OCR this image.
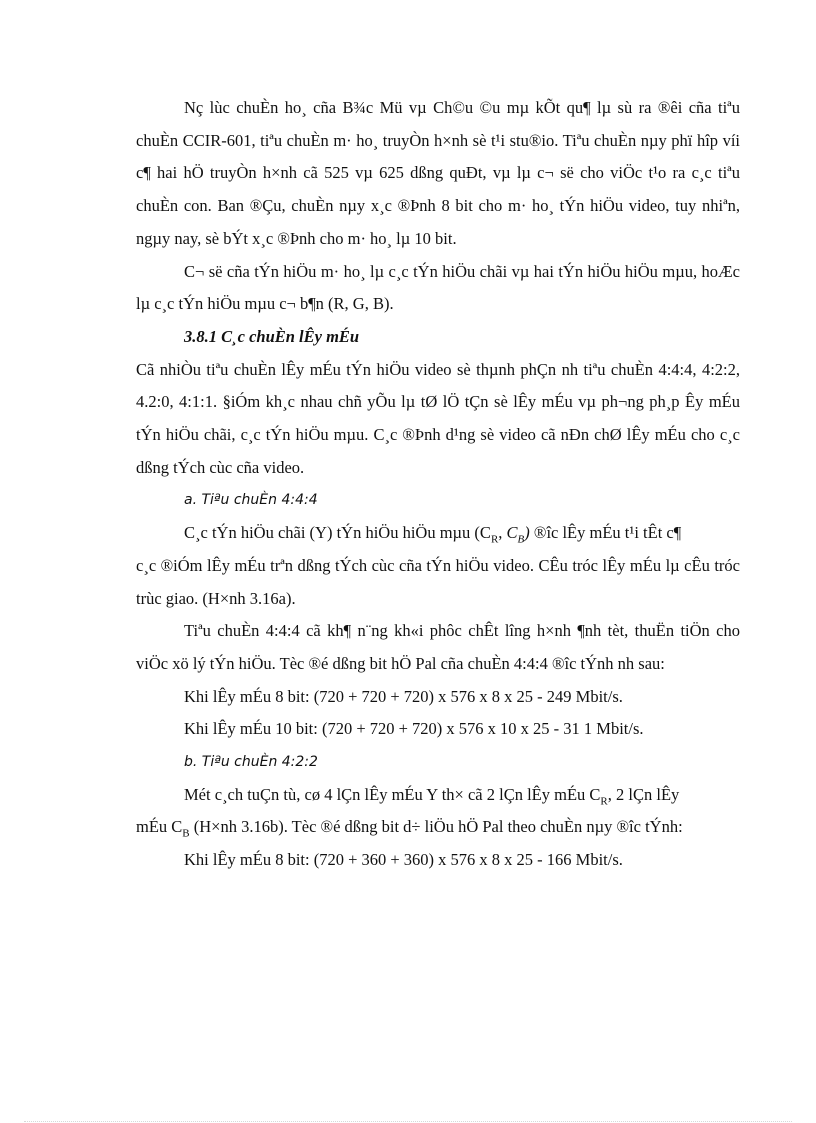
Nç lùc chuÈn ho¸ cña B¾c Mü vµ Ch©u ©u mµ kÕt qu¶ lµ sù ra ®êi cña tiªu chuÈn CCIR-601, tiªu chuÈn m· ho¸ truyÒn h×nh sè t¹i stu®io. Tiªu chuÈn nµy phï hîp víi c¶ hai hÖ truyÒn h×nh cã 525 vµ 625 dßng quÐt, vµ lµ c¬ së cho viÖc t¹o ra c¸c tiªu chuÈn con. Ban ®Çu, chuÈn nµy x¸c ®Þnh 8 bit cho m· ho¸ tÝn hiÖu video, tuy nhiªn, ngµy nay, sè bÝt x¸c ®Þnh cho m· ho¸ lµ 10 bit.

C¬ së cña tÝn hiÖu m· ho¸ lµ c¸c tÝn hiÖu chãi vµ hai tÝn hiÖu hiÖu mµu, hoÆc lµ c¸c tÝn hiÖu mµu c¬ b¶n (R, G, B).

3.8.1 C¸c chuÈn lÊy mÉu

Cã nhiÒu tiªu chuÈn lÊy mÉu tÝn hiÖu video sè thµnh phÇn nh tiªu chuÈn 4:4:4, 4:2:2, 4.2:0, 4:1:1. §iÓm kh¸c nhau chñ yÕu lµ tØ lÖ tÇn sè lÊy mÉu vµ ph¬ng ph¸p Êy mÉu tÝn hiÖu chãi, c¸c tÝn hiÖu mµu. C¸c ®Þnh d¹ng sè video cã nÐn chØ lÊy mÉu cho c¸c dßng tÝch cùc cña video.

a. Tiªu chuÈn 4:4:4

C¸c tÝn hiÖu chãi (Y) tÝn hiÖu hiÖu mµu ($C_R$, $C_B$) ®îc lÊy mÉu t¹i tÊt c¶

c¸c ®iÓm lÊy mÉu trªn dßng tÝch cùc cña tÝn hiÖu video. CÊu tróc lÊy mÉu lµ cÊu tróc trùc giao. (H×nh 3.16a).

Tiªu chuÈn 4:4:4 cã kh¶ n¨ng kh«i phôc chÊt lîng h×nh ¶nh tèt, thuËn tiÖn cho viÖc xö lý tÝn hiÖu. Tèc ®é dßng bit hÖ Pal cña chuÈn 4:4:4 ®îc tÝnh nh sau:

Khi lÊy mÉu 8 bit: (720 + 720 + 720) x 576 x 8 x 25 - 249 Mbit/s.

Khi lÊy mÉu 10 bit: (720 + 720 + 720) x 576 x 10 x 25 - 31 1 Mbit/s.

b. Tiªu chuÈn 4:2:2

Mét c¸ch tuÇn tù, cø 4 lÇn lÊy mÉu Y th× cã 2 lÇn lÊy mÉu $C_R$, 2 lÇn lÊy

mÉu $C_B$ (H×nh 3.16b). Tèc ®é dßng bit d÷ liÖu hÖ Pal theo chuÈn nµy ®îc tÝnh:

Khi lÊy mÉu 8 bit: (720 + 360 + 360) x 576 x 8 x 25 - 166 Mbit/s.
